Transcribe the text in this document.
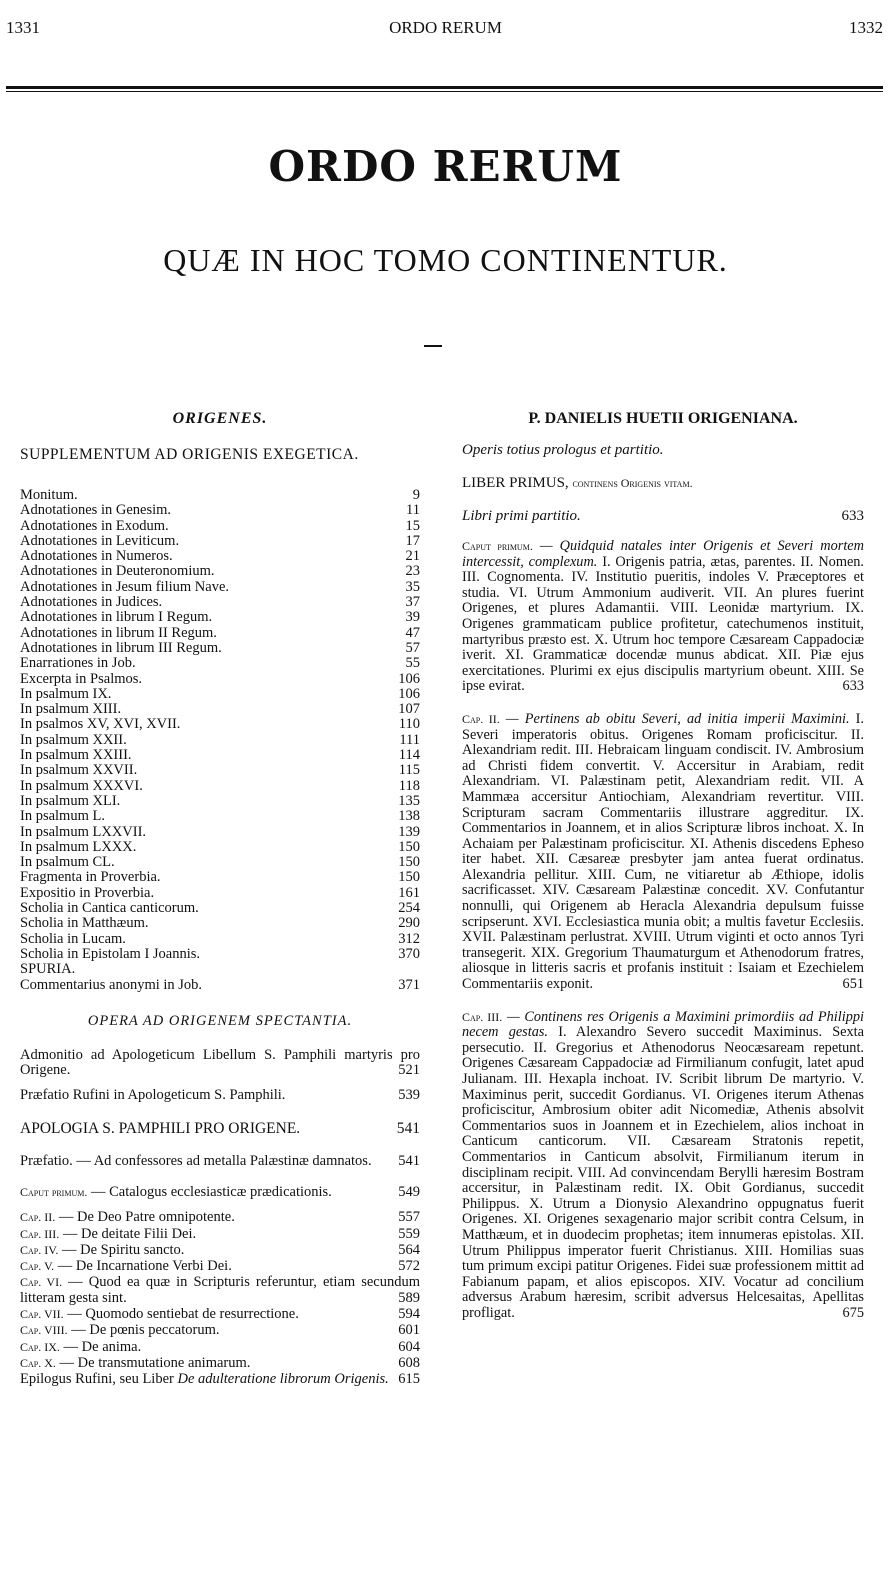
1331	ORDO RERUM	1332
ORDO RERUM
QUÆ IN HOC TOMO CONTINENTUR.
ORIGENES.
SUPPLEMENTUM AD ORIGENIS EXEGETICA.
Monitum.	9
Adnotationes in Genesim.	11
Adnotationes in Exodum.	15
Adnotationes in Leviticum.	17
Adnotationes in Numeros.	21
Adnotationes in Deuteronomium.	23
Adnotationes in Jesum filium Nave.	35
Adnotationes in Judices.	37
Adnotationes in librum I Regum.	39
Adnotationes in librum II Regum.	47
Adnotationes in librum III Regum.	57
Enarrationes in Job.	55
Excerpta in Psalmos.	106
In psalmum IX.	106
In psalmum XIII.	107
In psalmos XV, XVI, XVII.	110
In psalmum XXII.	111
In psalmum XXIII.	114
In psalmum XXVII.	115
In psalmum XXXVI.	118
In psalmum XLI.	135
In psalmum L.	138
In psalmum LXXVII.	139
In psalmum LXXX.	150
In psalmum CL.	150
Fragmenta in Proverbia.	150
Expositio in Proverbia.	161
Scholia in Cantica canticorum.	254
Scholia in Matthæum.	290
Scholia in Lucam.	312
Scholia in Epistolam I Joannis.	370
SPURIA.
Commentarius anonymi in Job.	371
OPERA AD ORIGENEM SPECTANTIA.
Admonitio ad Apologeticum Libellum S. Pamphili martyris pro Origene.	521
Præfatio Rufini in Apologeticum S. Pamphili.	539
APOLOGIA S. PAMPHILI PRO ORIGENE.	541
Præfatio. — Ad confessores ad metalla Palæstinæ damnatos. 541
Caput primum. — Catalogus ecclesiasticæ prædicationis.	549
Cap. II. — De Deo Patre omnipotente.	557
Cap. III. — De deitate Filii Dei.	559
Cap. IV. — De Spiritu sancto.	564
Cap. V. — De Incarnatione Verbi Dei.	572
Cap. VI. — Quod ea quæ in Scripturis referuntur, etiam secundum litteram gesta sint.	589
Cap. VII. — Quomodo sentiebat de resurrectione.	594
Cap. VIII. — De pœnis peccatorum.	601
Cap. IX. — De anima.	604
Cap. X. — De transmutatione animarum.	608
Epilogus Rufini, seu Liber De adulteratione librorum Origenis. 615
P. DANIELIS HUETII ORIGENIANA.
Operis totius prologus et partitio.
LIBER PRIMUS, continens Origenis vitam.
Libri primi partitio.	633
Caput primum. — Quidquid natales inter Origenis et Severi mortem intercessit, complexum. I. Origenis patria, ætas, parentes. II. Nomen. III. Cognomenta. IV. Institutio pueritis, indoles V. Præceptores et studia. VI. Utrum Ammonium audiverit. VII. An plures fuerint Origenes, et plures Adamantii. VIII. Leonidæ martyrium. IX. Origenes grammaticam publice profitetur, catechumenos instituit, martyribus præsto est. X. Utrum hoc tempore Cæsaream Cappadociæ iverit. XI. Grammaticæ docendæ munus abdicat. XII. Piæ ejus exercitationes. Plurimi ex ejus discipulis martyrium obeunt. XIII. Se ipse evirat.	633
Cap. II. — Pertinens ab obitu Severi, ad initia imperii Maximini. I. Severi imperatoris obitus. Origenes Romam proficiscitur. II. Alexandriam redit. III. Hebraicam linguam condiscit. IV. Ambrosium ad Christi fidem convertit. V. Accersitur in Arabiam, redit Alexandriam. VI. Palæstinam petit, Alexandriam redit. VII. A Mammæa accersitur Antiochiam, Alexandriam revertitur. VIII. Scripturam sacram Commentariis illustrare aggreditur. IX. Commentarios in Joannem, et in alios Scripturæ libros inchoat. X. In Achaiam per Palæstinam proficiscitur. XI. Athenis discedens Epheso iter habet. XII. Cæsareæ presbyter jam antea fuerat ordinatus. Alexandria pellitur. XIII. Cum, ne vitiaretur ab Æthiope, idolis sacrificasset. XIV. Cæsaream Palæstinæ concedit. XV. Confutantur nonnulli, qui Origenem ab Heracla Alexandria depulsum fuisse scripserunt. XVI. Ecclesiastica munia obit; a multis favetur Ecclesiis. XVII. Palæstinam perlustrat. XVIII. Utrum viginti et octo annos Tyri transegerit. XIX. Gregorium Thaumaturgum et Athenodorum fratres, aliosque in litteris sacris et profanis instituit : Isaiam et Ezechielem Commentariis exponit.	651
Cap. III. — Continens res Origenis a Maximini primordiis ad Philippi necem gestas. I. Alexandro Severo succedit Maximinus. Sexta persecutio. II. Gregorius et Athenodorus Neocæsaream repetunt. Origenes Cæsaream Cappadociæ ad Firmilianum confugit, latet apud Julianam. III. Hexapla inchoat. IV. Scribit librum De martyrio. V. Maximinus perit, succedit Gordianus. VI. Origenes iterum Athenas proficiscitur, Ambrosium obiter adit Nicomediæ, Athenis absolvit Commentarios suos in Joannem et in Ezechielem, alios inchoat in Canticum canticorum. VII. Cæsaream Stratonis repetit, Commentarios in Canticum absolvit, Firmilianum iterum in disciplinam recipit. VIII. Ad convincendam Berylli hæresim Bostram accersitur, in Palæstinam redit. IX. Obit Gordianus, succedit Philippus. X. Utrum a Dionysio Alexandrino oppugnatus fuerit Origenes. XI. Origenes sexagenario major scribit contra Celsum, in Matthæum, et in duodecim prophetas; item innumeras epistolas. XII. Utrum Philippus imperator fuerit Christianus. XIII. Homilias suas tum primum excipi patitur Origenes. Fidei suæ professionem mittit ad Fabianum papam, et alios episcopos. XIV. Vocatur ad concilium adversus Arabum hæresim, scribit adversus Helcesaitas, Apellitas profligat.	675
